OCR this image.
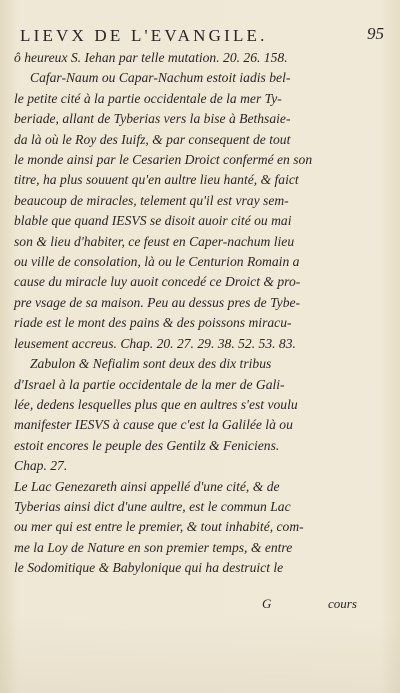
LIEVX DE L'EVANGILE.	95
ô heureux S. Iehan par telle mutation. 20. 26. 158.
Cafar-Naum ou Capar-Nachum estoit iadis bel-
le petite cité à la partie occidentale de la mer Ty-
beriade, allant de Tyberias vers la bise à Bethsaie-
da là où le Roy des Iuifz, & par consequent de tout
le monde ainsi par le Cesarien Droict confermé en son
titre, ha plus souuent qu'en aultre lieu hanté, & faict
beaucoup de miracles, telement qu'il est vray sem-
blable que quand IESVS se disoit auoir cité ou mai
son & lieu d'habiter, ce feust en Caper-nachum lieu
ou ville de consolation, là ou le Centurion Romain a
cause du miracle luy auoit concedé ce Droict & pro-
pre vsage de sa maison. Peu au dessus pres de Tybe-
riade est le mont des pains & des poissons miracu-
leusement accreus. Chap. 20. 27. 29. 38. 52. 53. 83.
Zabulon & Nefialim sont deux des dix tribus
d'Israel à la partie occidentale de la mer de Gali-
lée, dedens lesquelles plus que en aultres s'est voulu
manifester IESVS à cause que c'est la Galilée là ou
estoit encores le peuple des Gentilz & Feniciens.
Chap. 27.
Le Lac Genezareth ainsi appellé d'une cité, & de
Tyberias ainsi dict d'une aultre, est le commun Lac
ou mer qui est entre le premier, & tout inhabité, com-
me la Loy de Nature en son premier temps, & entre
le Sodomitique & Babylonique qui ha destruict le
G	cours
